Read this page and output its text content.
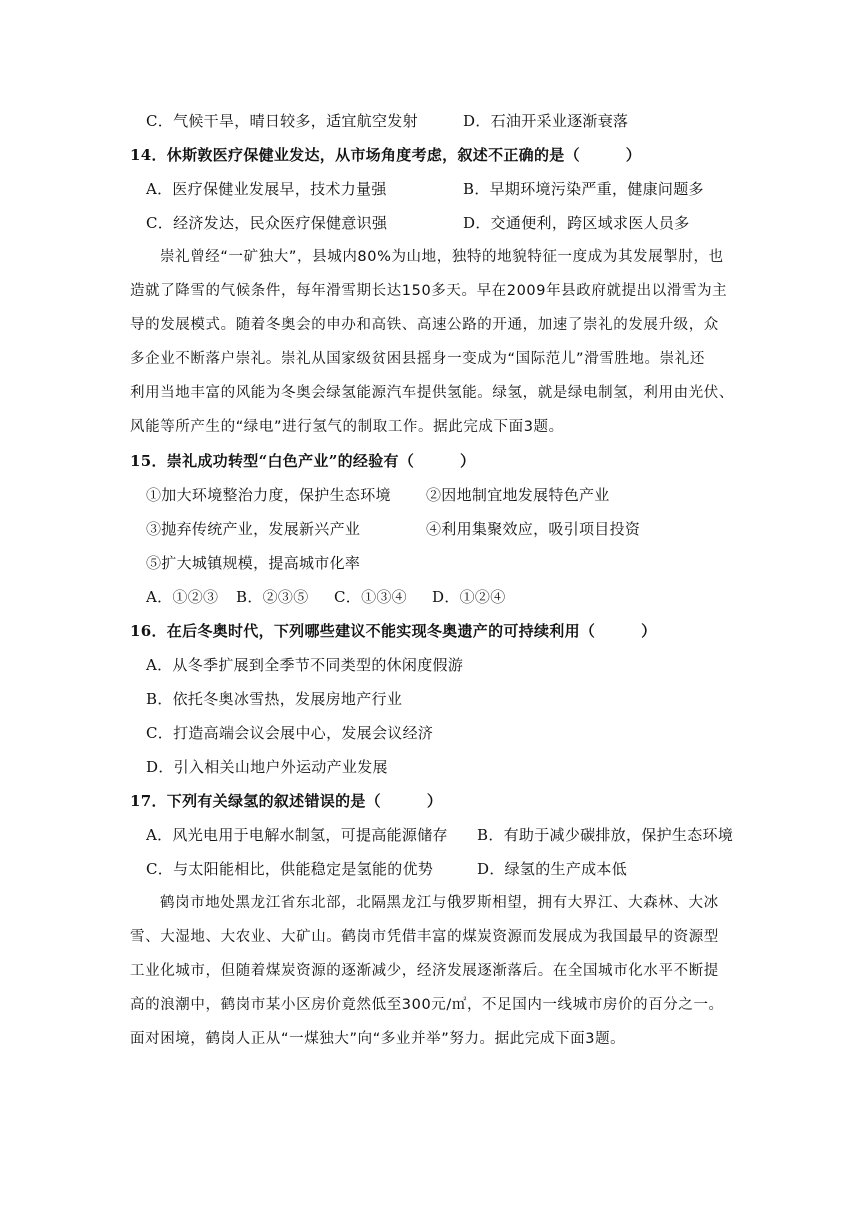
C．气候干旱，晴日较多，适宜航空发射	D．石油开采业逐渐衰落
14．休斯敦医疗保健业发达，从市场角度考虑，叙述不正确的是（　　　）
A．医疗保健业发展早，技术力量强	B．早期环境污染严重，健康问题多
C．经济发达，民众医疗保健意识强	D．交通便利，跨区域求医人员多
崇礼曾经“一矿独大”，县城内80%为山地，独特的地貌特征一度成为其发展掣肘，也
造就了降雪的气候条件，每年滑雪期长达150多天。早在2009年县政府就提出以滑雪为主
导的发展模式。随着冬奥会的申办和高铁、高速公路的开通，加速了崇礼的发展升级，众
多企业不断落户崇礼。崇礼从国家级贫困县摇身一变成为“国际范儿”滑雪胜地。崇礼还
利用当地丰富的风能为冬奥会绿氢能源汽车提供氢能。绿氢，就是绿电制氢，利用由光伏、
风能等所产生的“绿电”进行氢气的制取工作。据此完成下面3题。
15．崇礼成功转型“白色产业”的经验有（　　　）
①加大环境整治力度，保护生态环境 ②因地制宜地发展特色产业
③抛弃传统产业，发展新兴产业	④利用集聚效应，吸引项目投资
⑤扩大城镇规模，提高城市化率
A．①②③ B．②③⑤ C．①③④ D．①②④
16．在后冬奥时代，下列哪些建议不能实现冬奥遗产的可持续利用（　　　）
A．从冬季扩展到全季节不同类型的休闲度假游
B．依托冬奥冰雪热，发展房地产行业
C．打造高端会议会展中心，发展会议经济
D．引入相关山地户外运动产业发展
17．下列有关绿氢的叙述错误的是（　　　）
A．风光电用于电解水制氢，可提高能源储存 B．有助于减少碳排放，保护生态环境
C．与太阳能相比，供能稳定是氢能的优势	D．绿氢的生产成本低
鹤岗市地处黑龙江省东北部，北隔黑龙江与俄罗斯相望，拥有大界江、大森林、大冰
雪、大湿地、大农业、大矿山。鹤岗市凭借丰富的煤炭资源而发展成为我国最早的资源型
工业化城市，但随着煤炭资源的逐渐减少，经济发展逐渐落后。在全国城市化水平不断提
高的浪潮中，鹤岗市某小区房价竟然低至300元/㎡，不足国内一线城市房价的百分之一。
面对困境，鹤岗人正从“一煤独大”向“多业并举”努力。据此完成下面3题。
